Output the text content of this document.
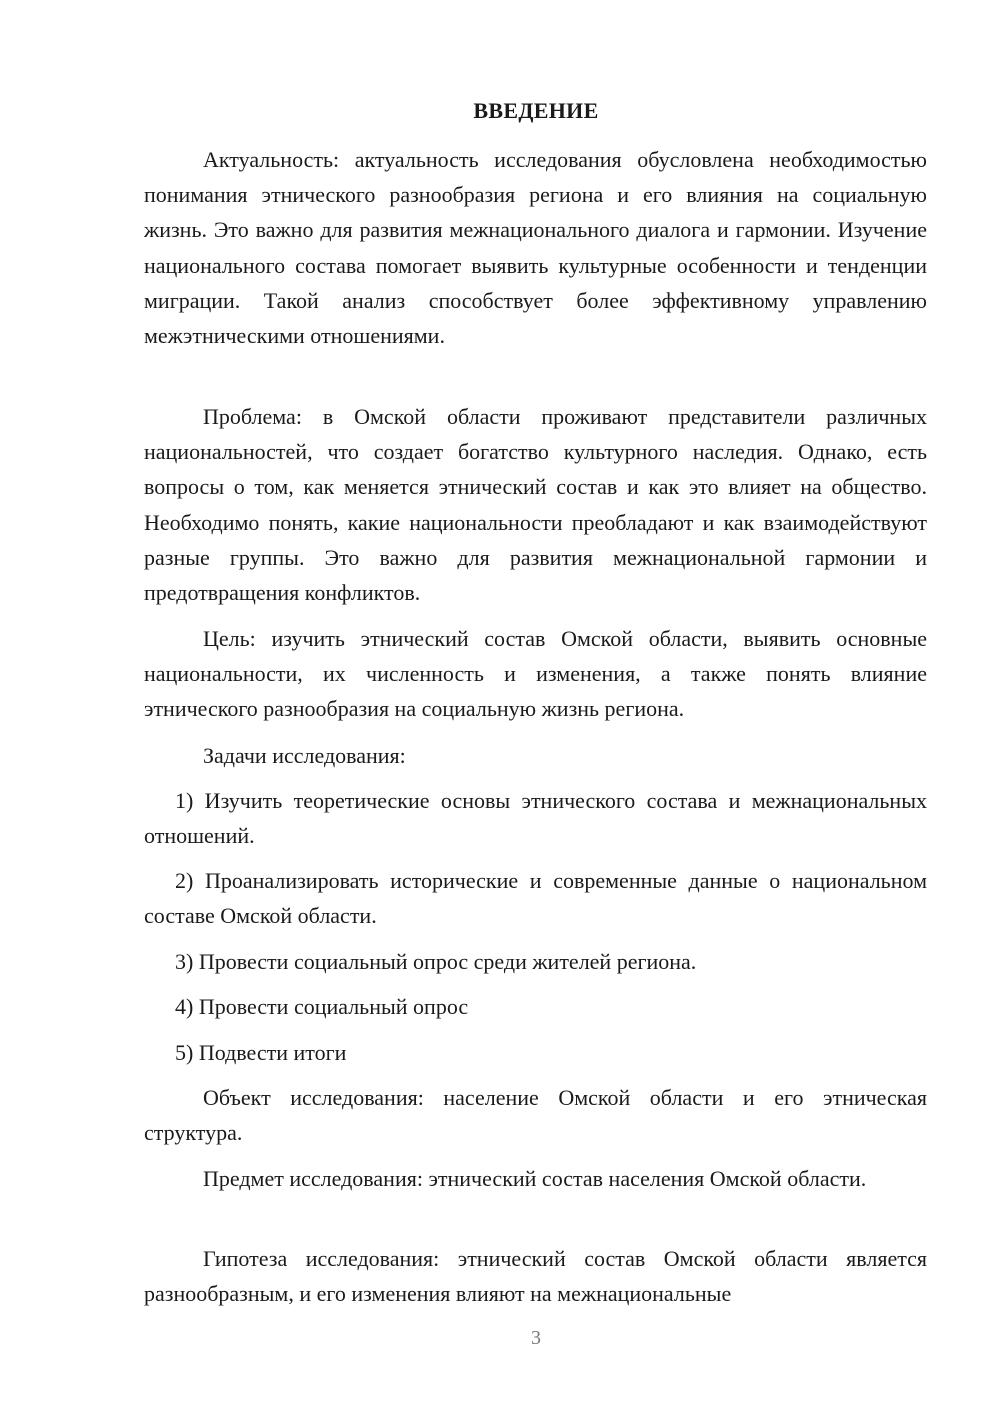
ВВЕДЕНИЕ

Актуальность: актуальность исследования обусловлена необходимостью понимания этнического разнообразия региона и его влияния на социальную жизнь. Это важно для развития межнационального диалога и гармонии. Изучение национального состава помогает выявить культурные особенности и тенденции миграции. Такой анализ способствует более эффективному управлению межэтническими отношениями.

Проблема: в Омской области проживают представители различных национальностей, что создает богатство культурного наследия. Однако, есть вопросы о том, как меняется этнический состав и как это влияет на общество. Необходимо понять, какие национальности преобладают и как взаимодействуют разные группы. Это важно для развития межнациональной гармонии и предотвращения конфликтов.

Цель: изучить этнический состав Омской области, выявить основные национальности, их численность и изменения, а также понять влияние этнического разнообразия на социальную жизнь региона.

Задачи исследования:

1) Изучить теоретические основы этнического состава и межнациональных отношений.

2) Проанализировать исторические и современные данные о национальном составе Омской области.

3) Провести социальный опрос среди жителей региона.

4) Провести социальный опрос

5) Подвести итоги

Объект исследования: население Омской области и его этническая структура.

Предмет исследования: этнический состав населения Омской области.

Гипотеза исследования: этнический состав Омской области является разнообразным, и его изменения влияют на межнациональные

3
